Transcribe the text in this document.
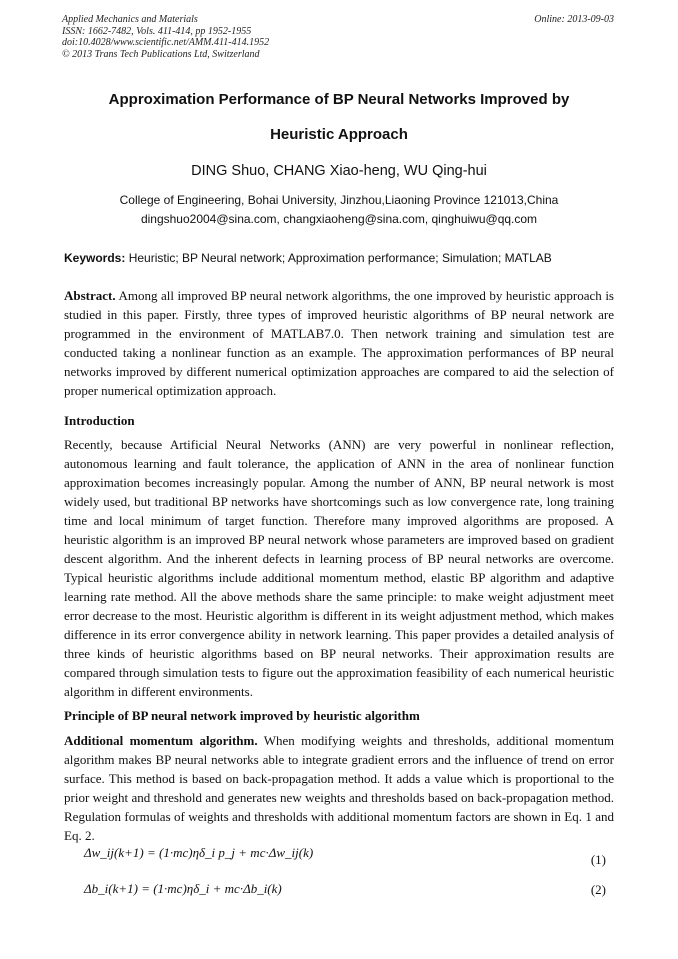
Applied Mechanics and Materials
ISSN: 1662-7482, Vols. 411-414, pp 1952-1955
doi:10.4028/www.scientific.net/AMM.411-414.1952
© 2013 Trans Tech Publications Ltd, Switzerland
Online: 2013-09-03
Approximation Performance of BP Neural Networks Improved by
Heuristic Approach
DING Shuo, CHANG Xiao-heng, WU Qing-hui
College of Engineering, Bohai University, Jinzhou,Liaoning Province 121013,China
dingshuo2004@sina.com, changxiaoheng@sina.com, qinghuiwu@qq.com
Keywords: Heuristic; BP Neural network; Approximation performance; Simulation; MATLAB
Abstract. Among all improved BP neural network algorithms, the one improved by heuristic approach is studied in this paper. Firstly, three types of improved heuristic algorithms of BP neural network are programmed in the environment of MATLAB7.0. Then network training and simulation test are conducted taking a nonlinear function as an example. The approximation performances of BP neural networks improved by different numerical optimization approaches are compared to aid the selection of proper numerical optimization approach.
Introduction
Recently, because Artificial Neural Networks (ANN) are very powerful in nonlinear reflection, autonomous learning and fault tolerance, the application of ANN in the area of nonlinear function approximation becomes increasingly popular. Among the number of ANN, BP neural network is most widely used, but traditional BP networks have shortcomings such as low convergence rate, long training time and local minimum of target function. Therefore many improved algorithms are proposed. A heuristic algorithm is an improved BP neural network whose parameters are improved based on gradient descent algorithm. And the inherent defects in learning process of BP neural networks are overcome. Typical heuristic algorithms include additional momentum method, elastic BP algorithm and adaptive learning rate method. All the above methods share the same principle: to make weight adjustment meet error decrease to the most. Heuristic algorithm is different in its weight adjustment method, which makes difference in its error convergence ability in network learning. This paper provides a detailed analysis of three kinds of heuristic algorithms based on BP neural networks. Their approximation results are compared through simulation tests to figure out the approximation feasibility of each numerical heuristic algorithm in different environments.
Principle of BP neural network improved by heuristic algorithm
Additional momentum algorithm. When modifying weights and thresholds, additional momentum algorithm makes BP neural networks able to integrate gradient errors and the influence of trend on error surface. This method is based on back-propagation method. It adds a value which is proportional to the prior weight and threshold and generates new weights and thresholds based on back-propagation method. Regulation formulas of weights and thresholds with additional momentum factors are shown in Eq. 1 and Eq. 2.
Δw_ij(k+1) = (1·mc)ηδ_i p_j + mc·Δw_ij(k)	(1)
Δb_i(k+1) = (1·mc)ηδ_i + mc·Δb_i(k)	(2)
